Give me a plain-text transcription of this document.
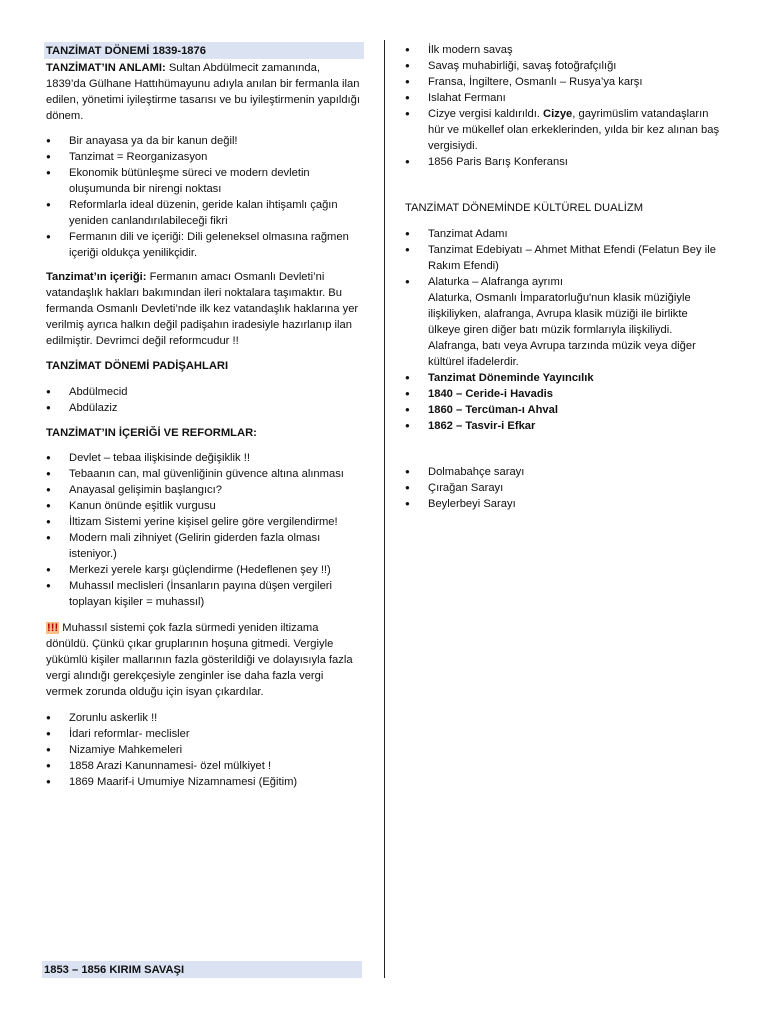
TANZİMAT DÖNEMİ 1839-1876

TANZİMAT’IN ANLAMI: Sultan Abdülmecit zamanında, 1839’da Gülhane Hattıhümayunu adıyla anılan bir fermanla ilan edilen, yönetimi iyileştirme tasarısı ve bu iyileştirmenin yapıldığı dönem.

● Bir anayasa ya da bir kanun değil!
● Tanzimat = Reorganizasyon
● Ekonomik bütünleşme süreci ve modern devletin oluşumunda bir nirengi noktası
● Reformlarla ideal düzenin, geride kalan ihtişamlı çağın yeniden canlandırılabileceği fikri
● Fermanın dili ve içeriği: Dili geleneksel olmasına rağmen içeriği oldukça yenilikçidir.

Tanzimat’ın içeriği: Fermanın amacı Osmanlı Devleti’ni vatandaşlık hakları bakımından ileri noktalara taşımaktır. Bu fermanda Osmanlı Devleti’nde ilk kez vatandaşlık haklarına yer verilmiş ayrıca halkın değil padişahın iradesiyle hazırlanıp ilan edilmiştir. Devrimci değil reformcudur !!

TANZİMAT DÖNEMİ PADİŞAHLARI

● Abdülmecid
● Abdülaziz

TANZİMAT’IN İÇERİĞİ VE REFORMLAR:

● Devlet – tebaa ilişkisinde değişiklik !!
● Tebaanın can, mal güvenliğinin güvence altına alınması
● Anayasal gelişimin başlangıcı?
● Kanun önünde eşitlik vurgusu
● İltizam Sistemi yerine kişisel gelire göre vergilendirme!
● Modern mali zihniyet (Gelirin giderden fazla olması isteniyor.)
● Merkezi yerele karşı güçlendirme (Hedeflenen şey !!)
● Muhassıl meclisleri (İnsanların payına düşen vergileri toplayan kişiler = muhassıl)

!!! Muhassıl sistemi çok fazla sürmedi yeniden iltizama dönüldü. Çünkü çıkar gruplarının hoşuna gitmedi. Vergiyle yükümlü kişiler mallarının fazla gösterildiği ve dolayısıyla fazla vergi alındığı gerekçesiyle zenginler ise daha fazla vergi vermek zorunda olduğu için isyan çıkardılar.

● Zorunlu askerlik !!
● İdari reformlar- meclisler
● Nizamiye Mahkemeleri
● 1858 Arazi Kanunnamesi- özel mülkiyet !
● 1869 Maarif-i Umumiye Nizamnamesi (Eğitim)
1853 – 1856 KIRIM SAVAŞI
● İlk modern savaş
● Savaş muhabirliği, savaş fotoğrafçılığı
● Fransa, İngiltere, Osmanlı – Rusya’ya karşı
● Islahat Fermanı
● Cizye vergisi kaldırıldı. Cizye, gayrimüslim vatandaşların hür ve mükellef olan erkeklerinden, yılda bir kez alınan baş vergisiydi.
● 1856 Paris Barış Konferansı

TANZİMAT DÖNEMİNDE KÜLTÜREL DUALİZM

● Tanzimat Adamı
● Tanzimat Edebiyatı – Ahmet Mithat Efendi (Felatun Bey ile Rakım Efendi)
● Alaturka – Alafranga ayrımı
Alaturka, Osmanlı İmparatorluğu'nun klasik müziğiyle ilişkiliyken, alafranga, Avrupa klasik müziği ile birlikte ülkeye giren diğer batı müzik formlarıyla ilişkiliydi. Alafranga, batı veya Avrupa tarzında müzik veya diğer kültürel ifadelerdir.
● Tanzimat Döneminde Yayıncılık
● 1840 – Ceride-i Havadis
● 1860 – Tercüman-ı Ahval
● 1862 – Tasvir-i Efkar
● Dolmabahçe sarayı
● Çırağan Sarayı
● Beylerbeyi Sarayı
